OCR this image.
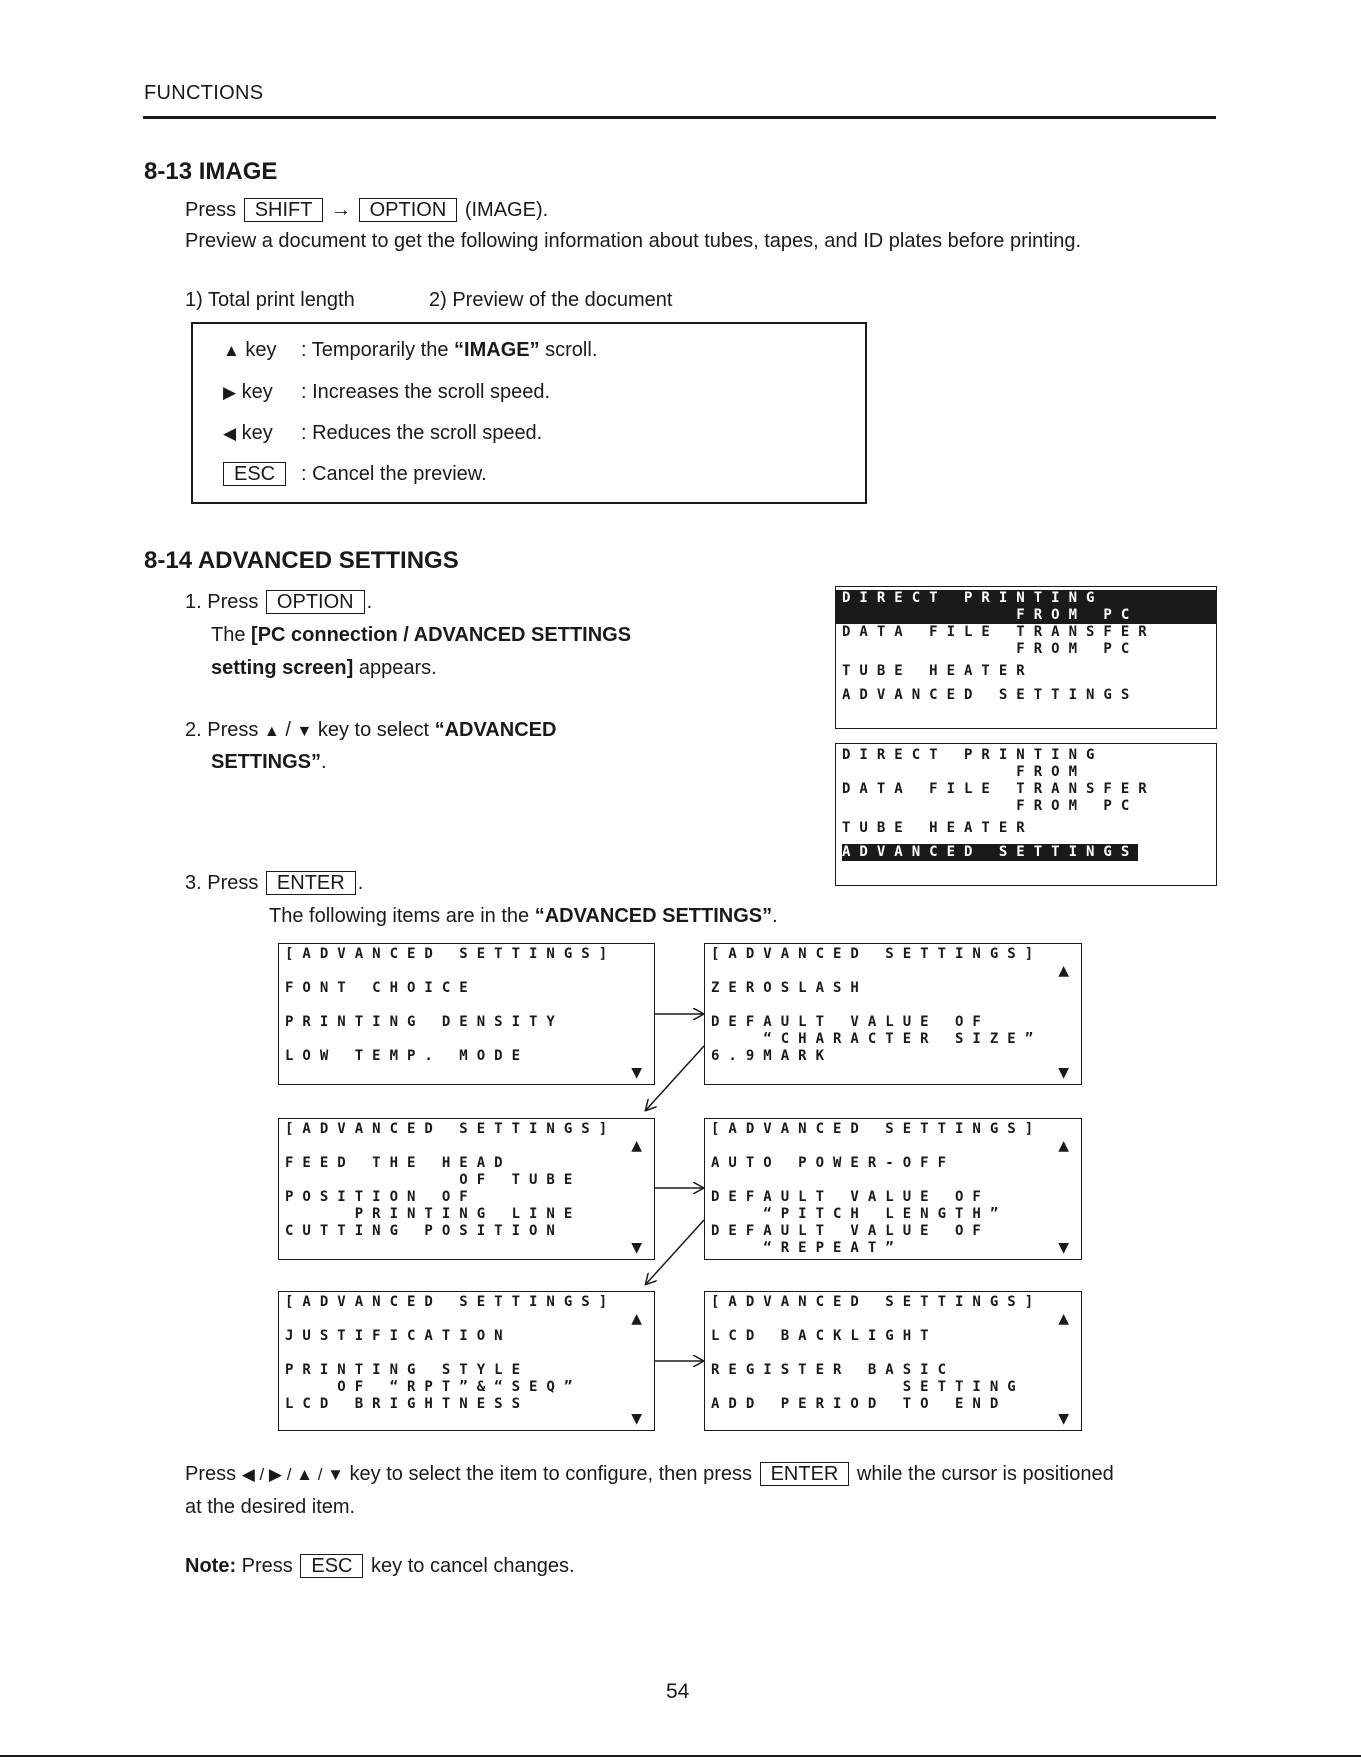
FUNCTIONS
8-13 IMAGE
Press SHIFT → OPTION (IMAGE).
Preview a document to get the following information about tubes, tapes, and ID plates before printing.
1) Total print length	2) Preview of the document
▲ key : Temporarily the “IMAGE” scroll.
▶ key : Increases the scroll speed.
◀ key : Reduces the scroll speed.
ESC : Cancel the preview.
8-14 ADVANCED SETTINGS
1. Press OPTION .
The [PC connection / ADVANCED SETTINGS
setting screen] appears.
2. Press ▲ / ▼ key to select “ADVANCED
SETTINGS”.
3. Press ENTER .
The following items are in the “ADVANCED SETTINGS”.
DIRECT PRINTING
FROM PC
DATA FILE TRANSFER
FROM PC
TUBE HEATER
ADVANCED SETTINGS
DIRECT PRINTING
FROM
DATA FILE TRANSFER
FROM PC
TUBE HEATER
ADVANCED SETTINGS
[ADVANCED SETTINGS]
FONT CHOICE
PRINTING DENSITY
LOW TEMP. MODE
▼
[ADVANCED SETTINGS]
ZEROSLASH
DEFAULT VALUE OF
“CHARACTER SIZE”
6.9MARK
▲
▼
[ADVANCED SETTINGS]
FEED THE HEAD
OF TUBE
POSITION OF
PRINTING LINE
CUTTING POSITION
▲
▼
[ADVANCED SETTINGS]
AUTO POWER-OFF
DEFAULT VALUE OF
“PITCH LENGTH”
DEFAULT VALUE OF
“REPEAT”
▲
▼
[ADVANCED SETTINGS]
JUSTIFICATION
PRINTING STYLE
OF “RPT”&“SEQ”
LCD BRIGHTNESS
▲
▼
[ADVANCED SETTINGS]
LCD BACKLIGHT
REGISTER BASIC
SETTING
ADD PERIOD TO END
▲
▼
Press ◀ / ▶ / ▲ / ▼ key to select the item to configure, then press ENTER while the cursor is positioned
at the desired item.
Note: Press ESC key to cancel changes.
54
